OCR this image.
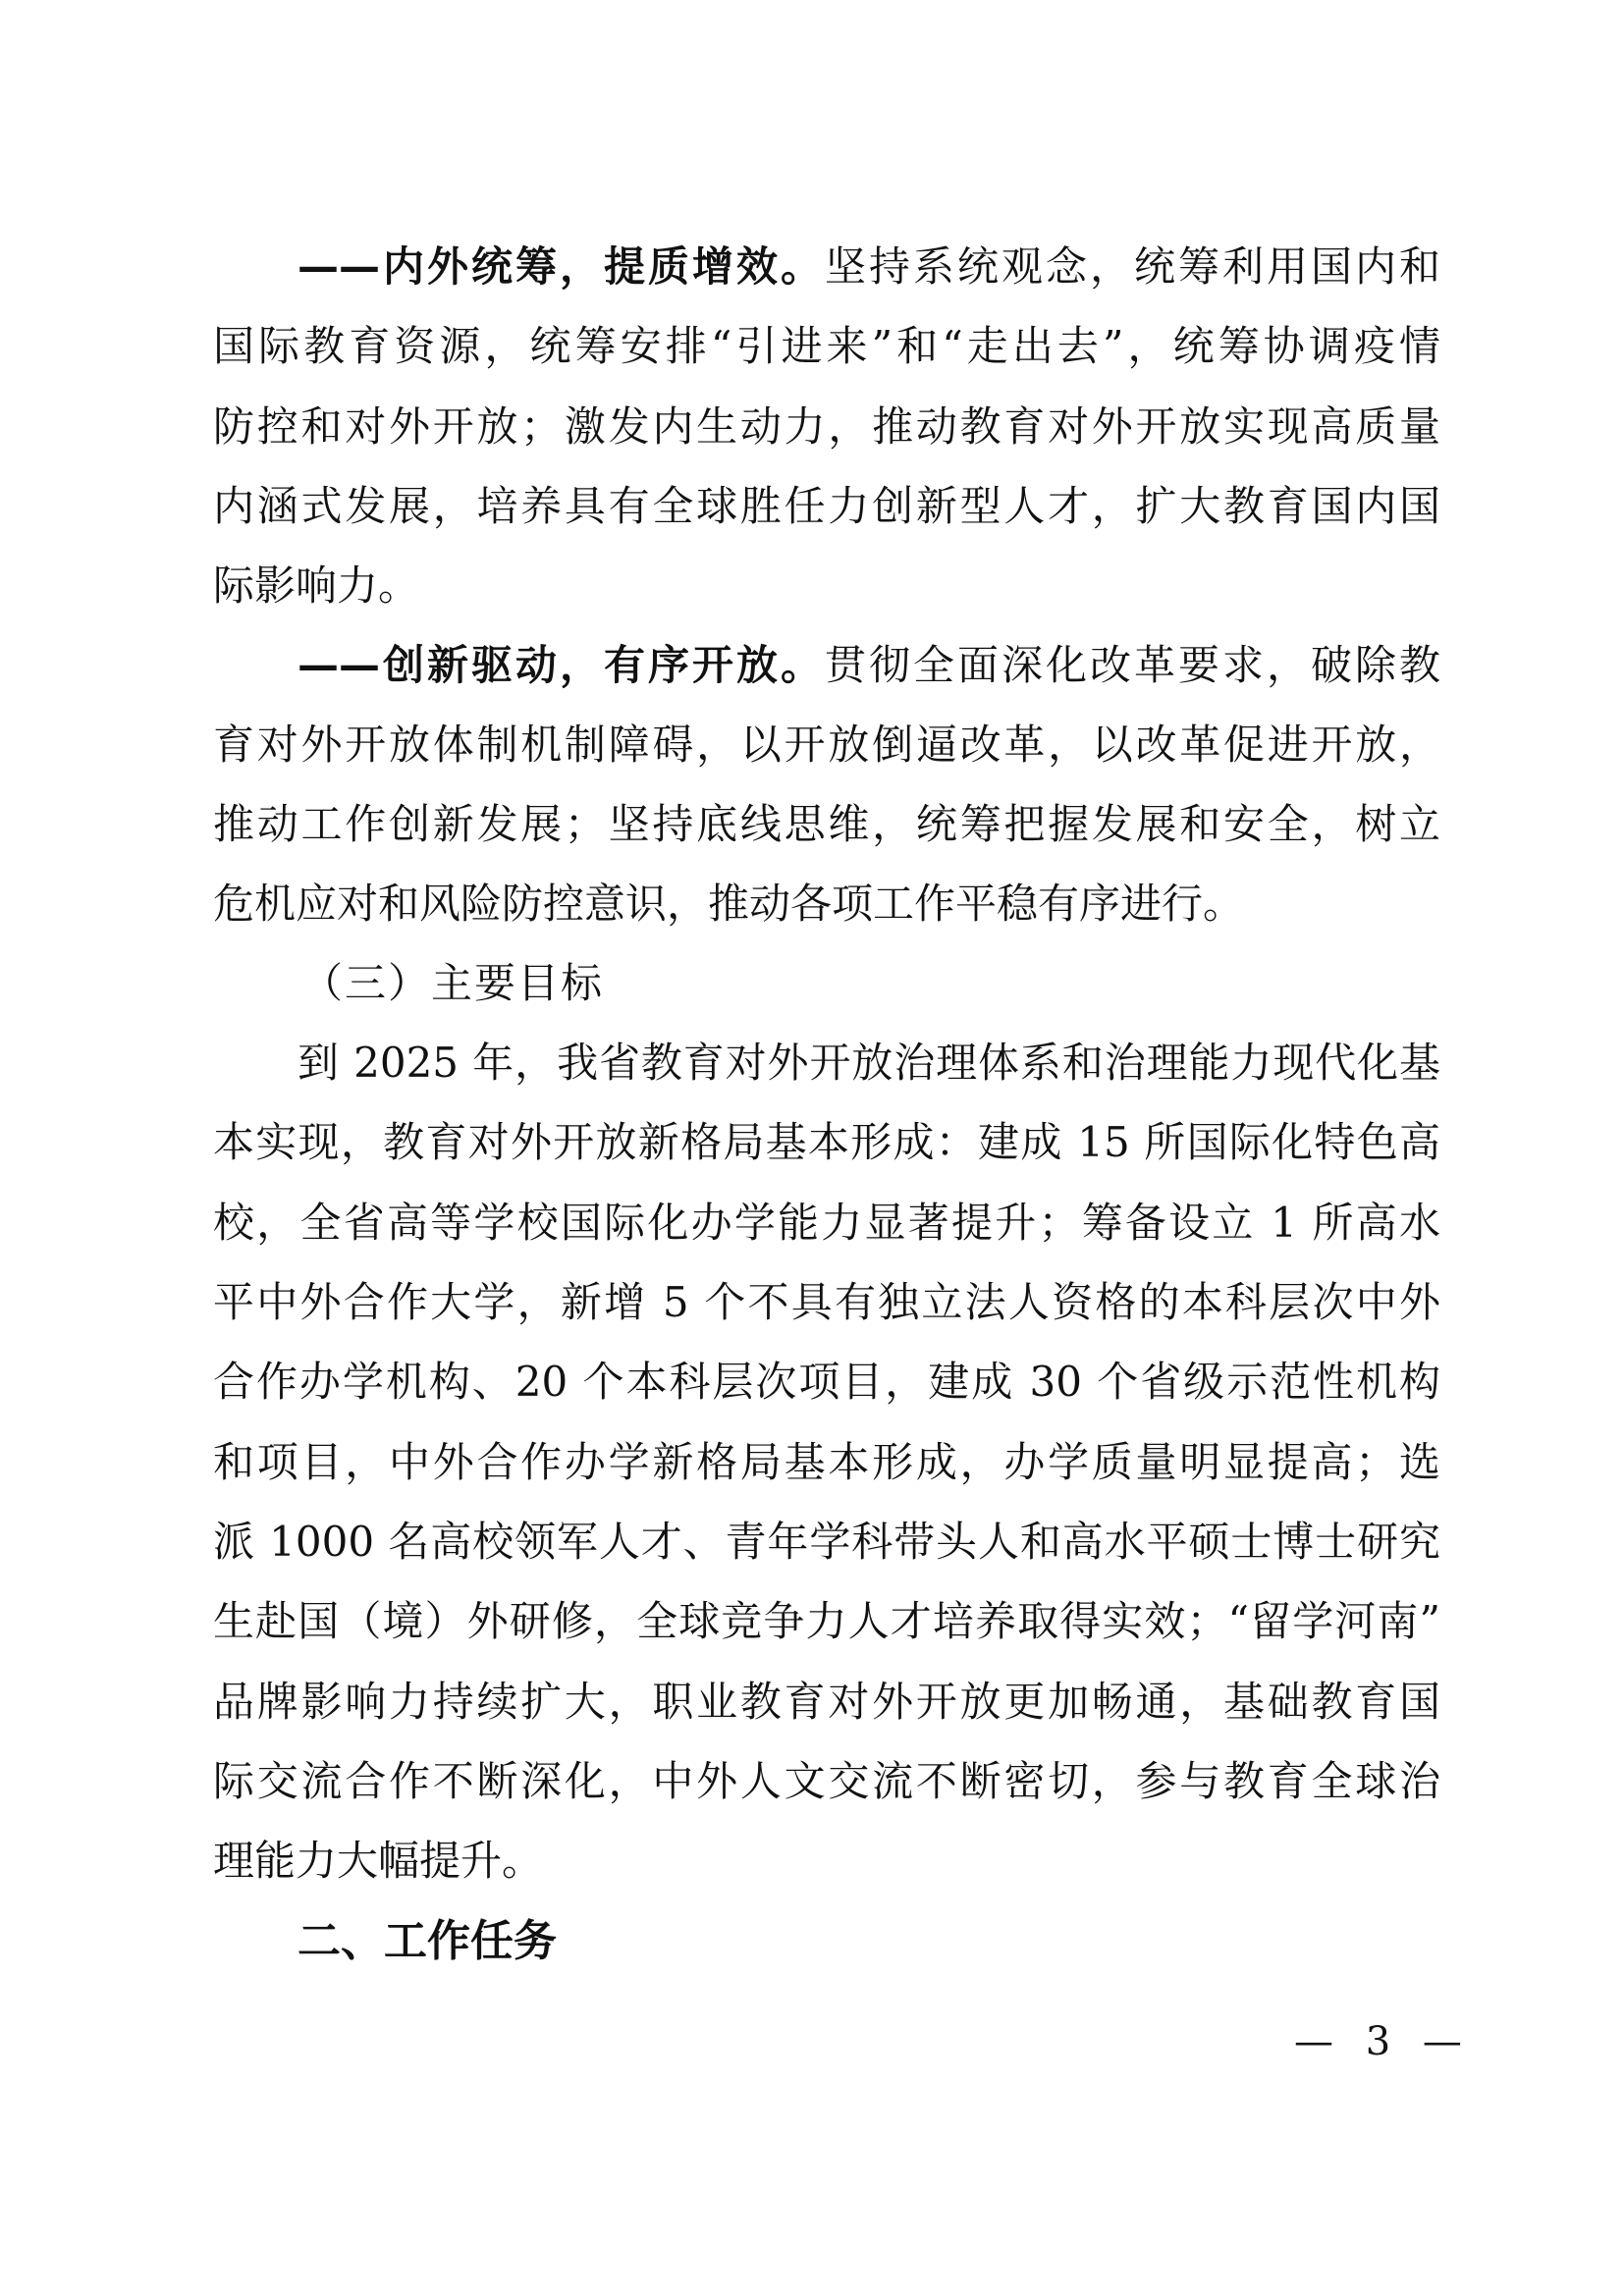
——内外统筹，提质增效。坚持系统观念，统筹利用国内和
国际教育资源，统筹安排“引进来”和“走出去”，统筹协调疫情
防控和对外开放；激发内生动力，推动教育对外开放实现高质量
内涵式发展，培养具有全球胜任力创新型人才，扩大教育国内国
际影响力。
——创新驱动，有序开放。贯彻全面深化改革要求，破除教
育对外开放体制机制障碍，以开放倒逼改革，以改革促进开放，
推动工作创新发展；坚持底线思维，统筹把握发展和安全，树立
危机应对和风险防控意识，推动各项工作平稳有序进行。
（三）主要目标
到 2025 年，我省教育对外开放治理体系和治理能力现代化基
本实现，教育对外开放新格局基本形成：建成 15 所国际化特色高
校，全省高等学校国际化办学能力显著提升；筹备设立 1 所高水
平中外合作大学，新增 5 个不具有独立法人资格的本科层次中外
合作办学机构、20 个本科层次项目，建成 30 个省级示范性机构
和项目，中外合作办学新格局基本形成，办学质量明显提高；选
派 1000 名高校领军人才、青年学科带头人和高水平硕士博士研究
生赴国（境）外研修，全球竞争力人才培养取得实效；“留学河南”
品牌影响力持续扩大，职业教育对外开放更加畅通，基础教育国
际交流合作不断深化，中外人文交流不断密切，参与教育全球治
理能力大幅提升。
二、工作任务
— 3 —
